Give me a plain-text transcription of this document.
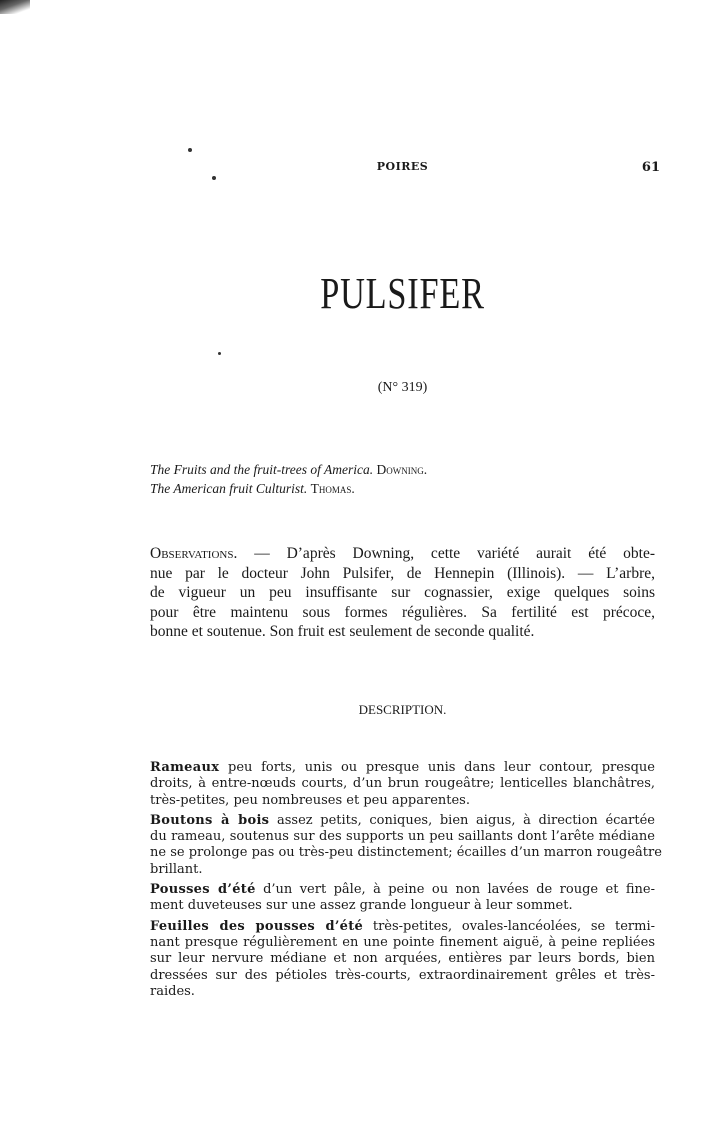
POIRES	61
PULSIFER
(N° 319)
The Fruits and the fruit-trees of America. Downing.
The American fruit Culturist. Thomas.
Observations. — D’après Downing, cette variété aurait été obte-
nue par le docteur John Pulsifer, de Hennepin (Illinois). — L’arbre,
de vigueur un peu insuffisante sur cognassier, exige quelques soins
pour être maintenu sous formes régulières. Sa fertilité est précoce,
bonne et soutenue. Son fruit est seulement de seconde qualité.
DESCRIPTION.
Rameaux peu forts, unis ou presque unis dans leur contour, presque
droits, à entre-nœuds courts, d’un brun rougeâtre; lenticelles blanchâtres,
très-petites, peu nombreuses et peu apparentes.
Boutons à bois assez petits, coniques, bien aigus, à direction écartée
du rameau, soutenus sur des supports un peu saillants dont l’arête médiane
ne se prolonge pas ou très-peu distinctement; écailles d’un marron rougeâtre
brillant.
Pousses d’été d’un vert pâle, à peine ou non lavées de rouge et fine-
ment duveteuses sur une assez grande longueur à leur sommet.
Feuilles des pousses d’été très-petites, ovales-lancéolées, se termi-
nant presque régulièrement en une pointe finement aiguë, à peine repliées
sur leur nervure médiane et non arquées, entières par leurs bords, bien
dressées sur des pétioles très-courts, extraordinairement grêles et très-
raides.
